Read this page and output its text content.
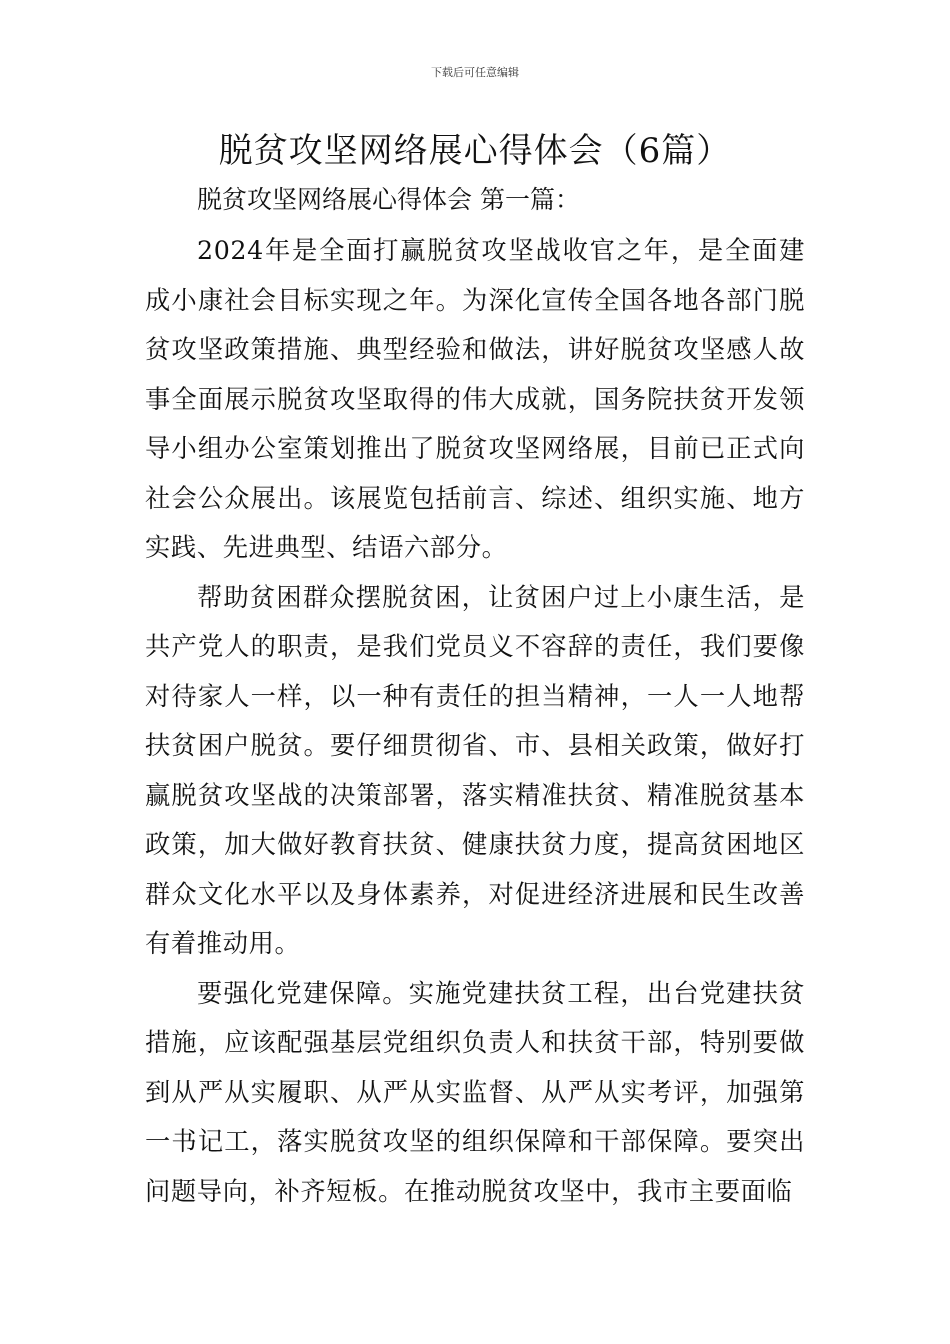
下载后可任意编辑
脱贫攻坚网络展心得体会（6篇）

脱贫攻坚网络展心得体会 第一篇：

2024年是全面打赢脱贫攻坚战收官之年，是全面建成小康社会目标实现之年。为深化宣传全国各地各部门脱贫攻坚政策措施、典型经验和做法，讲好脱贫攻坚感人故事全面展示脱贫攻坚取得的伟大成就，国务院扶贫开发领导小组办公室策划推出了脱贫攻坚网络展，目前已正式向社会公众展出。该展览包括前言、综述、组织实施、地方实践、先进典型、结语六部分。

帮助贫困群众摆脱贫困，让贫困户过上小康生活，是共产党人的职责，是我们党员义不容辞的责任，我们要像对待家人一样，以一种有责任的担当精神，一人一人地帮扶贫困户脱贫。要仔细贯彻省、市、县相关政策，做好打赢脱贫攻坚战的决策部署，落实精准扶贫、精准脱贫基本政策，加大做好教育扶贫、健康扶贫力度，提高贫困地区群众文化水平以及身体素养，对促进经济进展和民生改善有着推动用。

要强化党建保障。实施党建扶贫工程，出台党建扶贫措施，应该配强基层党组织负责人和扶贫干部，特别要做到从严从实履职、从严从实监督、从严从实考评，加强第一书记工，落实脱贫攻坚的组织保障和干部保障。要突出问题导向，补齐短板。在推动脱贫攻坚中，我市主要面临
